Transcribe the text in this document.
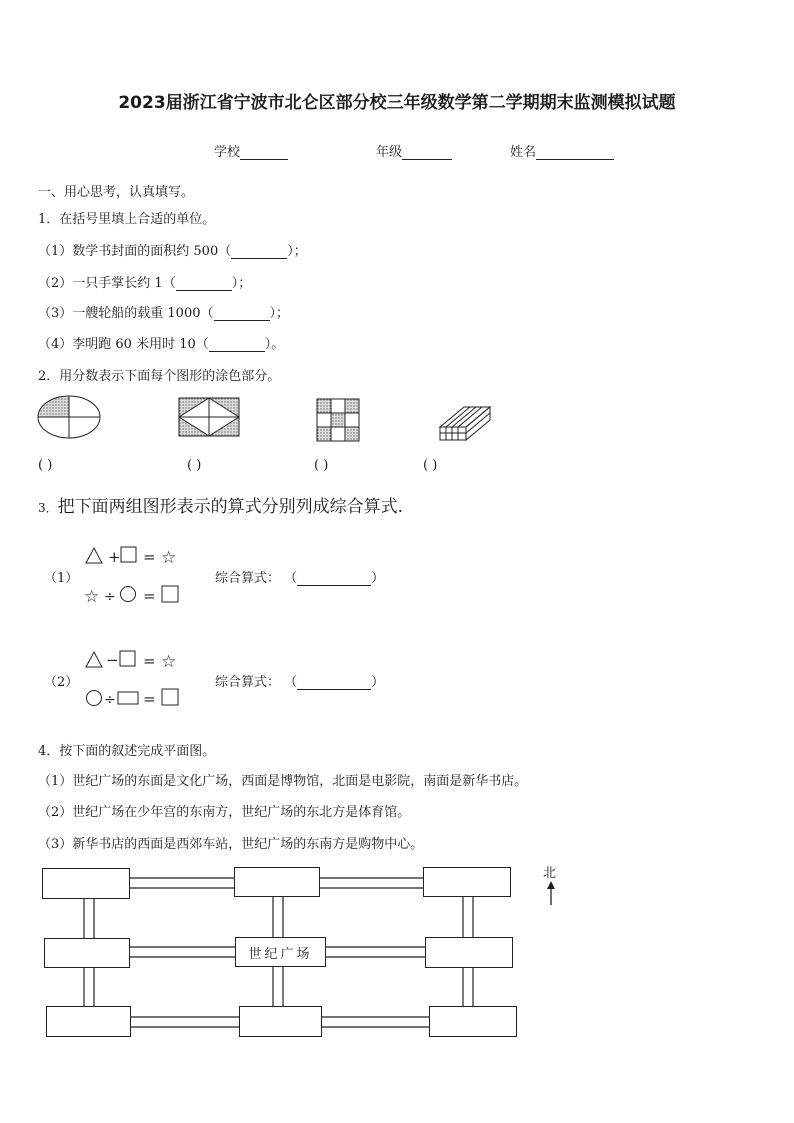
2023届浙江省宁波市北仑区部分校三年级数学第二学期期末监测模拟试题
学校	年级	姓名
一、用心思考，认真填写。
1．在括号里填上合适的单位。
（1）数学书封面的面积约 500（	）；
（2）一只手掌长约 1（	）；
（3）一艘轮船的载重 1000（	）；
（4）李明跑 60 米用时 10（	）。
2．用分数表示下面每个图形的涂色部分。
( )	( )	( )	( )
3．把下面两组图形表示的算式分别列成综合算式.
（1）
+ = ☆
☆ ÷ =
综合算式： （	）
（2）
− = ☆
÷ =
综合算式： （	）
4．按下面的叙述完成平面图。
（1）世纪广场的东面是文化广场，西面是博物馆，北面是电影院，南面是新华书店。
（2）世纪广场在少年宫的东南方，世纪广场的东北方是体育馆。
（3）新华书店的西面是西郊车站，世纪广场的东南方是购物中心。
世纪广场
北
